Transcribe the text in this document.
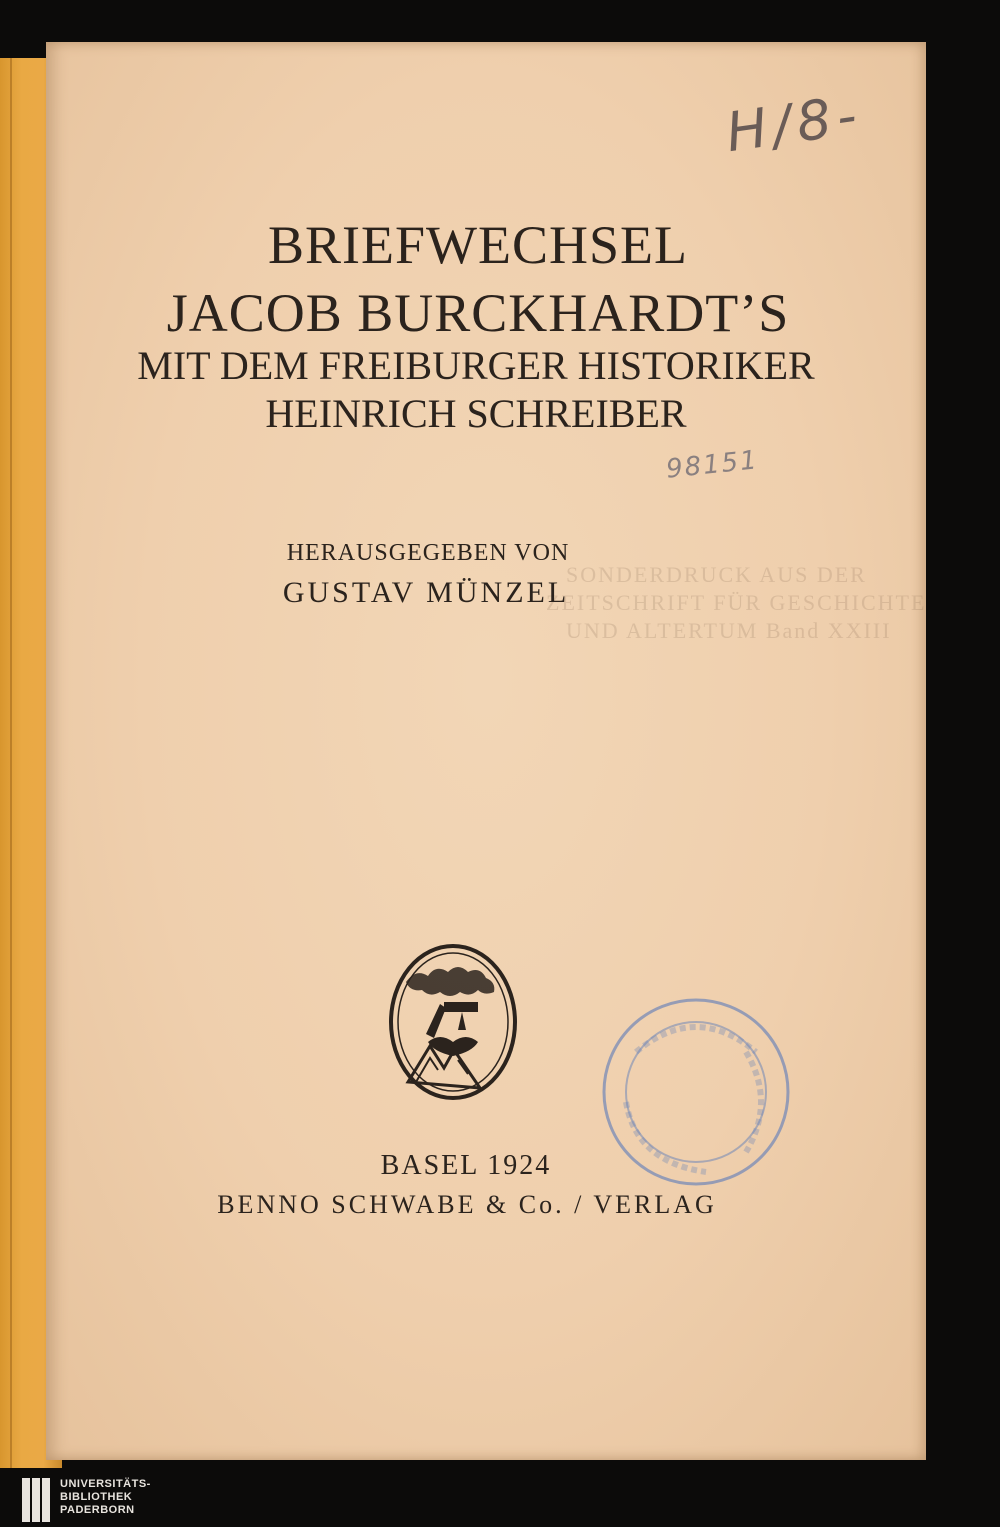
H/8-
BRIEFWECHSEL
JACOB BURCKHARDT’S
MIT DEM FREIBURGER HISTORIKER
HEINRICH SCHREIBER
98151
SONDERDRUCK AUS DER
ZEITSCHRIFT FÜR GESCHICHTE
UND ALTERTUM Band XXIII

HERAUSGEGEBEN VON

GUSTAV MÜNZEL

BASEL 1924

BENNO SCHWABE & Co. / VERLAG

UNIVERSITÄTS-
BIBLIOTHEK
PADERBORN
